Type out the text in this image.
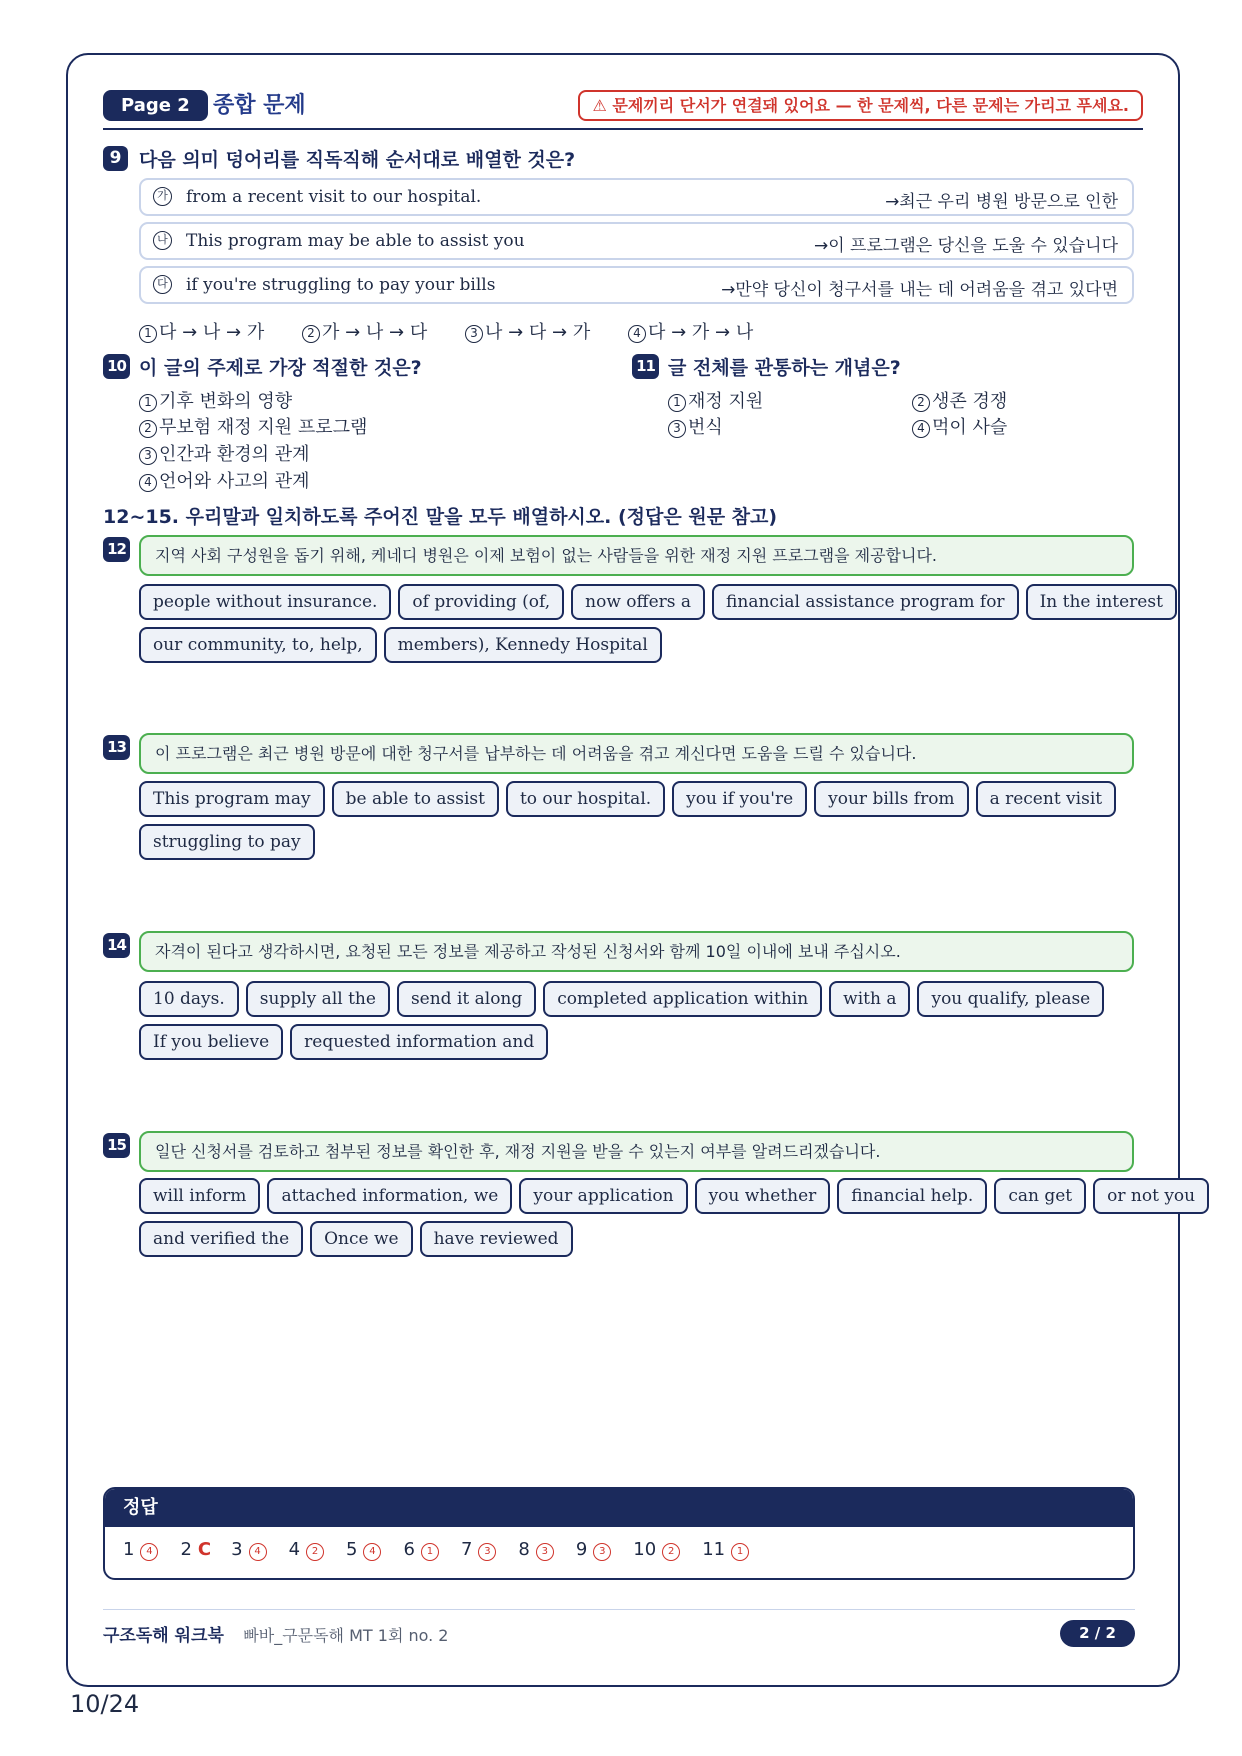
Page 2	종합 문제	⚠ 문제끼리 단서가 연결돼 있어요 — 한 문제씩, 다른 문제는 가리고 푸세요.
9 다음 의미 덩어리를 직독직해 순서대로 배열한 것은?
가 from a recent visit to our hospital.	→최근 우리 병원 방문으로 인한
나 This program may be able to assist you	→이 프로그램은 당신을 도울 수 있습니다
다 if you're struggling to pay your bills	→만약 당신이 청구서를 내는 데 어려움을 겪고 있다면
1 다 → 나 → 가	2 가 → 나 → 다	3 나 → 다 → 가	4 다 → 가 → 나
10 이 글의 주제로 가장 적절한 것은?
1 기후 변화의 영향
2 무보험 재정 지원 프로그램
3 인간과 환경의 관계
4 언어와 사고의 관계
11 글 전체를 관통하는 개념은?
1 재정 지원	2 생존 경쟁
3 번식	4 먹이 사슬
12~15. 우리말과 일치하도록 주어진 말을 모두 배열하시오. (정답은 원문 참고)
12	지역 사회 구성원을 돕기 위해, 케네디 병원은 이제 보험이 없는 사람들을 위한 재정 지원 프로그램을 제공합니다.
people without insurance.	of providing (of,	now offers a	financial assistance program for	In the interest
our community, to, help,	members), Kennedy Hospital
13	이 프로그램은 최근 병원 방문에 대한 청구서를 납부하는 데 어려움을 겪고 계신다면 도움을 드릴 수 있습니다.
This program may	be able to assist	to our hospital.	you if you're	your bills from	a recent visit
struggling to pay
14	자격이 된다고 생각하시면, 요청된 모든 정보를 제공하고 작성된 신청서와 함께 10일 이내에 보내 주십시오.
10 days.	supply all the	send it along	completed application within	with a	you qualify, please
If you believe	requested information and
15	일단 신청서를 검토하고 첨부된 정보를 확인한 후, 재정 지원을 받을 수 있는지 여부를 알려드리겠습니다.
will inform	attached information, we	your application	you whether	financial help.	can get	or not you
and verified the	Once we	have reviewed
정답
1 4	2 C 3 4	4 2	5 4	6 1	7 3	8 3	9 3	10 2	11 1
구조독해 워크북 빠바_구문독해 MT 1회 no. 2	2 / 2
10/24
